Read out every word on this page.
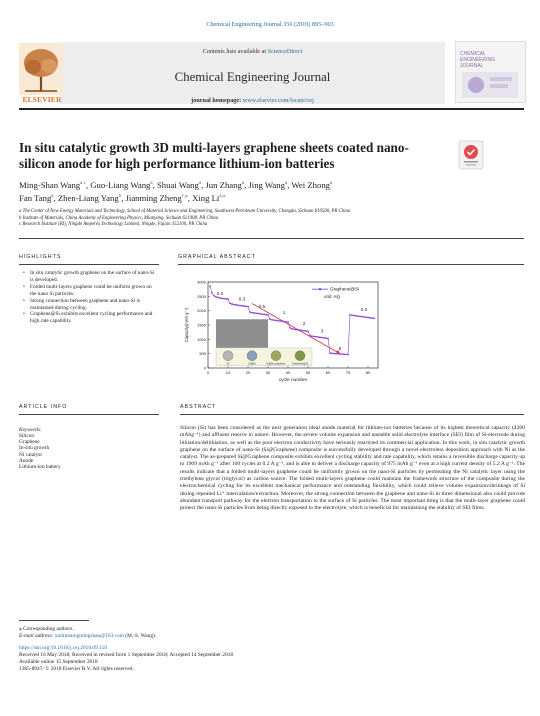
Chemical Engineering Journal 356 (2019) 895–903
Contents lists available at ScienceDirect
Chemical Engineering Journal
journal homepage: www.elsevier.com/locate/cej
ELSEVIER
CHEMICAL
ENGINEERING
JOURNAL
In situ catalytic growth 3D multi-layers graphene sheets coated nano-silicon anode for high performance lithium-ion batteries
Ming-Shan Wang$^{a,c}$, Guo-Liang Wang$^a$, Shuai Wang$^a$, Jun Zhang$^a$, Jing Wang$^a$, Wei Zhong$^a$
Fan Tang$^a$, Zhen-Liang Yang$^b$, Jianming Zheng$^{c,⁎}$, Xing $Li^{a,⁎}$
a The Center of New Energy Materials and Technology, School of Material Science and Engineering, Southwest Petroleum University, Chengdu, Sichuan 610500, PR China
b Institute of Materials, China Academy of Engineering Physics, Mianyang, Sichuan 621908, PR China
c Research Institute (RI), Ningde Amperex Technology Limited, Ningde, Fujian 352100, PR China
HIGHLIGHTS
• In situ catalytic growth graphene on the surface of nano-Si is developed.
• Folded multi-layers graphene could be uniform grown on the nano Si particles.
• Strong connection between graphene and nano-Si is maintained during cycling.
• Graphene@Si exhibits excellent cycling performance and high rate capability.
GRAPHICAL ABSTRACT
Si	Si@Ni	Si@Ni graphene Graphene@Si
0.2
0.3
0.5
1
2
3
5
0.2
0
500
1000
1500
2000
2500
3000
0	10	20	30	40	50	60	70	80
cycle number
Capacity(mAh g⁻¹)
Graphene@Si
unit: A/g
ARTICLE INFO
Keywords:
Silicon
Graphene
In-situ growth
Ni catalyst
Anode
Lithium-ion battery
ABSTRACT
Silicon (Si) has been considered as the next generation ideal anode material for lithium-ion batteries because of its highest theoretical capacity (4200 mAhg⁻¹) and affluent reserve in nature. However, the severe volume expansion and unstable solid electrolyte interface (SEI) film of Si-electrode during lithiation/delithiation, as well as the poor electron conductivity have seriously restricted its commercial application. In this work, in situ catalytic growth graphene on the surface of nano-Si (Si@Graphene) composite is successfully developed through a novel electroless deposition approach with Ni as the catalyst. The as-prepared Si@Graphene composite exhibits excellent cycling stability and rate capability, which retains a reversible discharge capacity up to 1909 mAh g⁻¹ after 100 cycles at 0.2 A g⁻¹, and is able to deliver a discharge capacity of 975 mAh g⁻¹ even at a high current density of 5.2 A g⁻¹. The results indicate that a folded multi-layers graphene could be uniformly grown on the nano-Si particles by permeating the Ni catalytic layer using the triethylene glycol (triglycol) as carbon source. The folded multi-layers graphene could maintain the framework structure of the composite during the electrochemical cycling for its excellent mechanical performance and outstanding flexibility, which could relieve volume expansion/shrinkage of Si during repeated Li⁺ intercalation/extraction. Moreover, the strong connection between the graphene and nano-Si in three dimensional also could provide abundant transport pathway for the electron transportation to the surface of Si particles. The most important thing is that the multi-layer graphene could protect the nano-Si particles from being directly exposed to the electrolyte, which is beneficial for maintaining the stability of SEI films.
⁎ Corresponding authors.
E-mail address: xmlnmaingmingshan@163.com (M.-S. Wang).
https://doi.org/10.1016/j.cej.2018.09.110
Received 16 May 2018; Received in revised form 1 September 2018; Accepted 14 September 2018
Available online 15 September 2018
1385-8947/ © 2018 Elsevier B.V. All rights reserved.
